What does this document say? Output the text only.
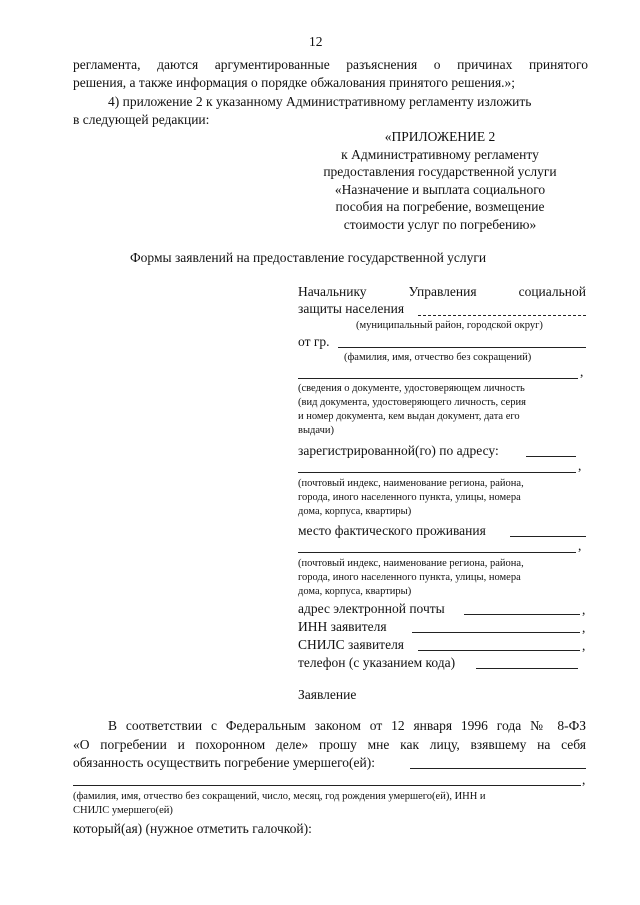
12
регламента, даются аргументированные разъяснения о причинах принятого
решения, а также информация о порядке обжалования принятого решения.»;
4) приложение 2 к указанному Административному регламенту изложить
в следующей редакции:
«ПРИЛОЖЕНИЕ 2
к Административному регламенту
предоставления государственной услуги
«Назначение и выплата социального
пособия на погребение, возмещение
стоимости услуг по погребению»
Формы заявлений на предоставление государственной услуги
Начальнику	Управления	социальной
защиты населения
(муниципальный район, городской округ)
от гр.
(фамилия, имя, отчество без сокращений)
,
(сведения о документе, удостоверяющем личность
(вид документа, удостоверяющего личность, серия
и номер документа, кем выдан документ, дата его
выдачи)
зарегистрированной(го) по адресу:
,
(почтовый индекс, наименование региона, района,
города, иного населенного пункта, улицы, номера
дома, корпуса, квартиры)
место фактического проживания
,
(почтовый индекс, наименование региона, района,
города, иного населенного пункта, улицы, номера
дома, корпуса, квартиры)
адрес электронной почты	,
ИНН заявителя	,
СНИЛС заявителя	,
телефон (с указанием кода)
Заявление
В соответствии с Федеральным законом от 12 января 1996 года № 8-ФЗ
«О погребении и похоронном деле» прошу мне как лицу, взявшему на себя
обязанность осуществить погребение умершего(ей):
,
(фамилия, имя, отчество без сокращений, число, месяц, год рождения умершего(ей), ИНН и
СНИЛС умершего(ей)
который(ая) (нужное отметить галочкой):
